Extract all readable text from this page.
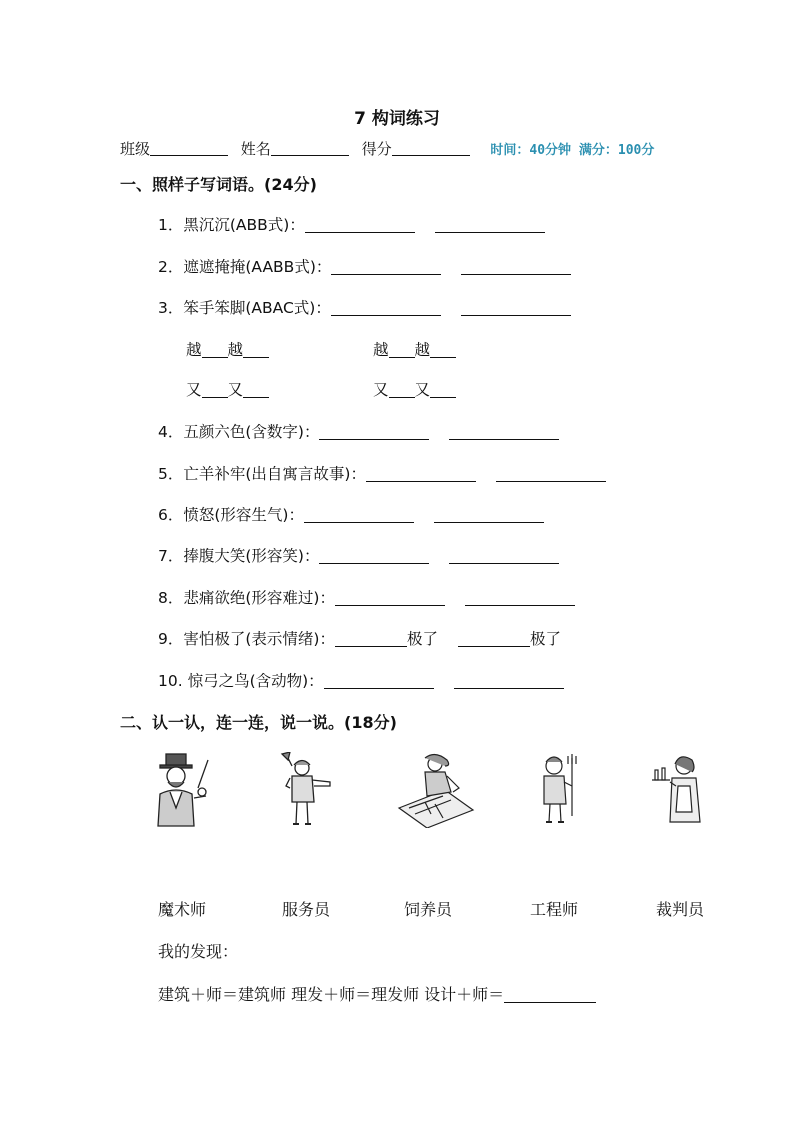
7 构词练习
班级	姓名	得分	时间：40分钟 满分：100分
一、照样子写词语。(24分)
1．黑沉沉(ABB式)：
2．遮遮掩掩(AABB式)：
3．笨手笨脚(ABAC式)：
越 越	越 越
又 又	又 又
4．五颜六色(含数字)：
5．亡羊补牢(出自寓言故事)：
6．愤怒(形容生气)：
7．捧腹大笑(形容笑)：
8．悲痛欲绝(形容难过)：
9．害怕极了(表示情绪)：	极了	极了
10. 惊弓之鸟(含动物)：
二、认一认，连一连，说一说。(18分)
魔术师	服务员	饲养员	工程师	裁判员
我的发现：
建筑＋师＝建筑师 理发＋师＝理发师 设计＋师＝
